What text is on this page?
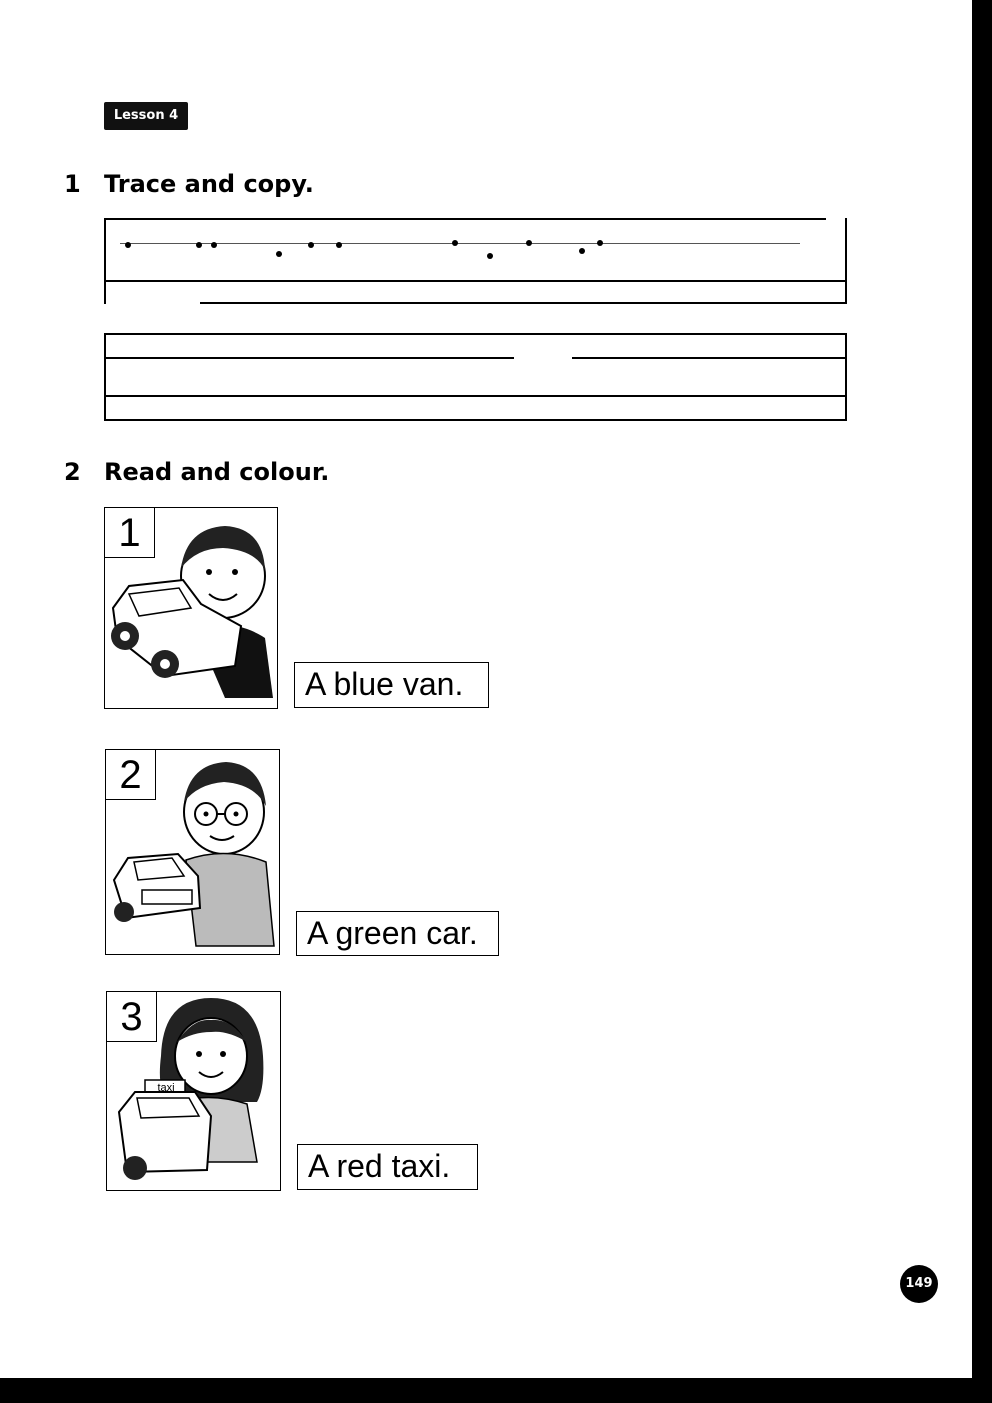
Lesson 4
1 Trace and copy.
2 Read and colour.
1
A blue van.
2
A green car.
3
taxi
A red taxi.
149
